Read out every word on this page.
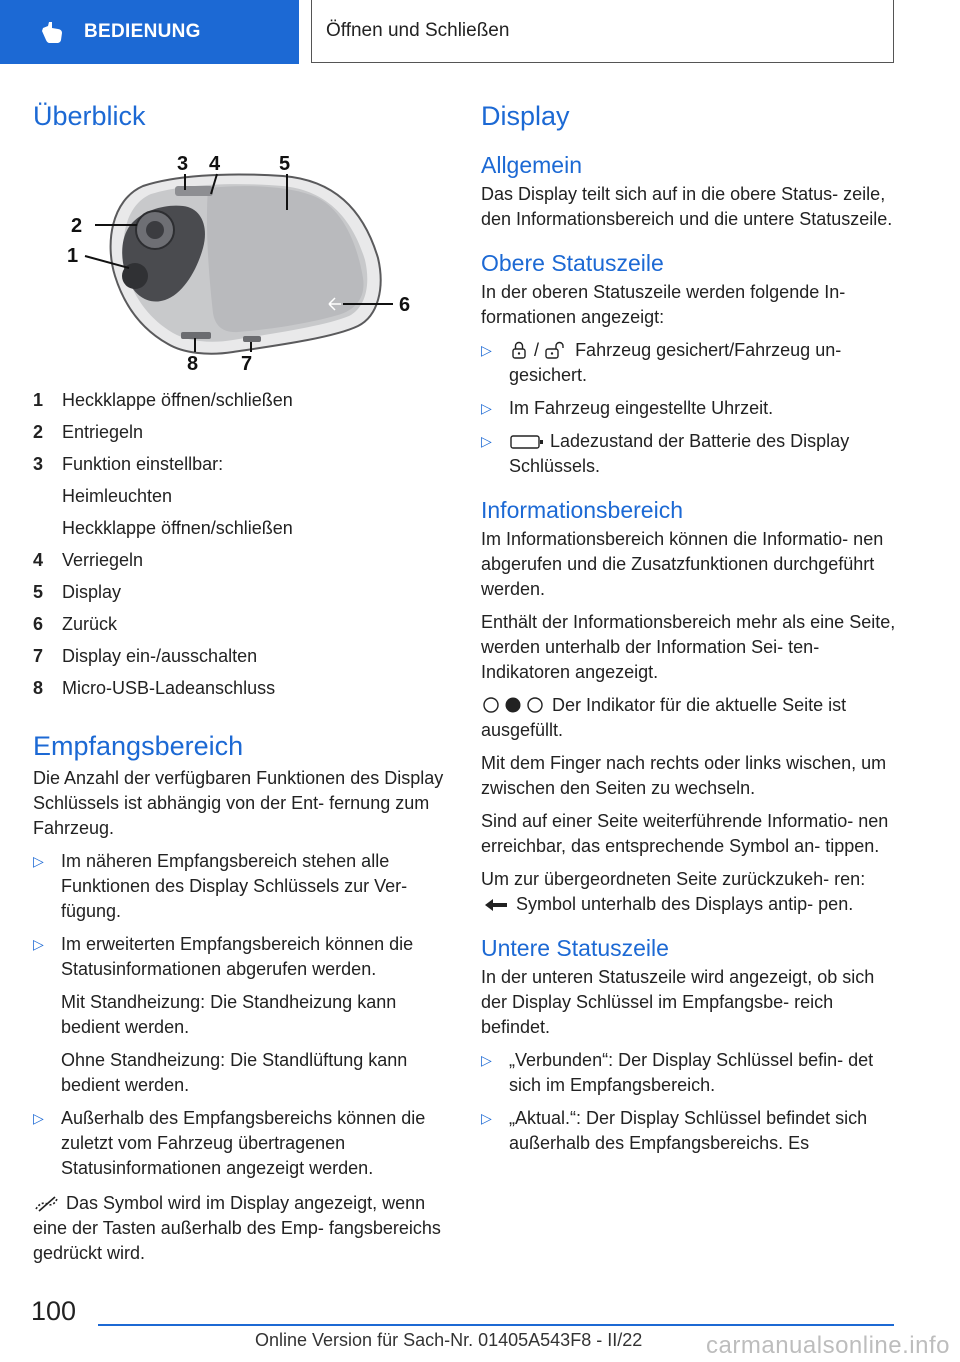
BEDIENUNG	Öffnen und Schließen
Überblick
3 4	5
2
1
6
8 7
1	Heckklappe öffnen/schließen
2	Entriegeln
3	Funktion einstellbar:
Heimleuchten
Heckklappe öffnen/schließen
4	Verriegeln
5	Display
6	Zurück
7	Display ein-/ausschalten
8	Micro-USB-Ladeanschluss
Empfangsbereich

Die Anzahl der verfügbaren Funktionen des Display Schlüssels ist abhängig von der Ent‐ fernung zum Fahrzeug.

▷ Im näheren Empfangsbereich stehen alle Funktionen des Display Schlüssels zur Ver‐ fügung.

▷ Im erweiterten Empfangsbereich können die Statusinformationen abgerufen werden.

Mit Standheizung: Die Standheizung kann bedient werden.

Ohne Standheizung: Die Standlüftung kann bedient werden.

▷ Außerhalb des Empfangsbereichs können die zuletzt vom Fahrzeug übertragenen Statusinformationen angezeigt werden.

Das Symbol wird im Display angezeigt, wenn eine der Tasten außerhalb des Emp‐ fangsbereichs gedrückt wird.

Display
Allgemein

Das Display teilt sich auf in die obere Status‐ zeile, den Informationsbereich und die untere Statuszeile.

Obere Statuszeile

In der oberen Statuszeile werden folgende In‐ formationen angezeigt:

▷	/ Fahrzeug gesichert/Fahrzeug un‐ gesichert.

▷ Im Fahrzeug eingestellte Uhrzeit.

▷	Ladezustand der Batterie des Display Schlüssels.

Informationsbereich

Im Informationsbereich können die Informatio‐ nen abgerufen und die Zusatzfunktionen durchgeführt werden.

Enthält der Informationsbereich mehr als eine Seite, werden unterhalb der Information Sei‐ ten-Indikatoren angezeigt.

Der Indikator für die aktuelle Seite ist ausgefüllt.

Mit dem Finger nach rechts oder links wischen, um zwischen den Seiten zu wechseln.

Sind auf einer Seite weiterführende Informatio‐ nen erreichbar, das entsprechende Symbol an‐ tippen.

Um zur übergeordneten Seite zurückzukeh‐ ren:  Symbol unterhalb des Displays antip‐ pen.

Untere Statuszeile

In der unteren Statuszeile wird angezeigt, ob sich der Display Schlüssel im Empfangsbe‐ reich befindet.

▷ „Verbunden“: Der Display Schlüssel befin‐ det sich im Empfangsbereich.

▷ „Aktual.“: Der Display Schlüssel befindet sich außerhalb des Empfangsbereichs. Es

100
Online Version für Sach-Nr. 01405A543F8 - II/22	carmanualsonline.info
